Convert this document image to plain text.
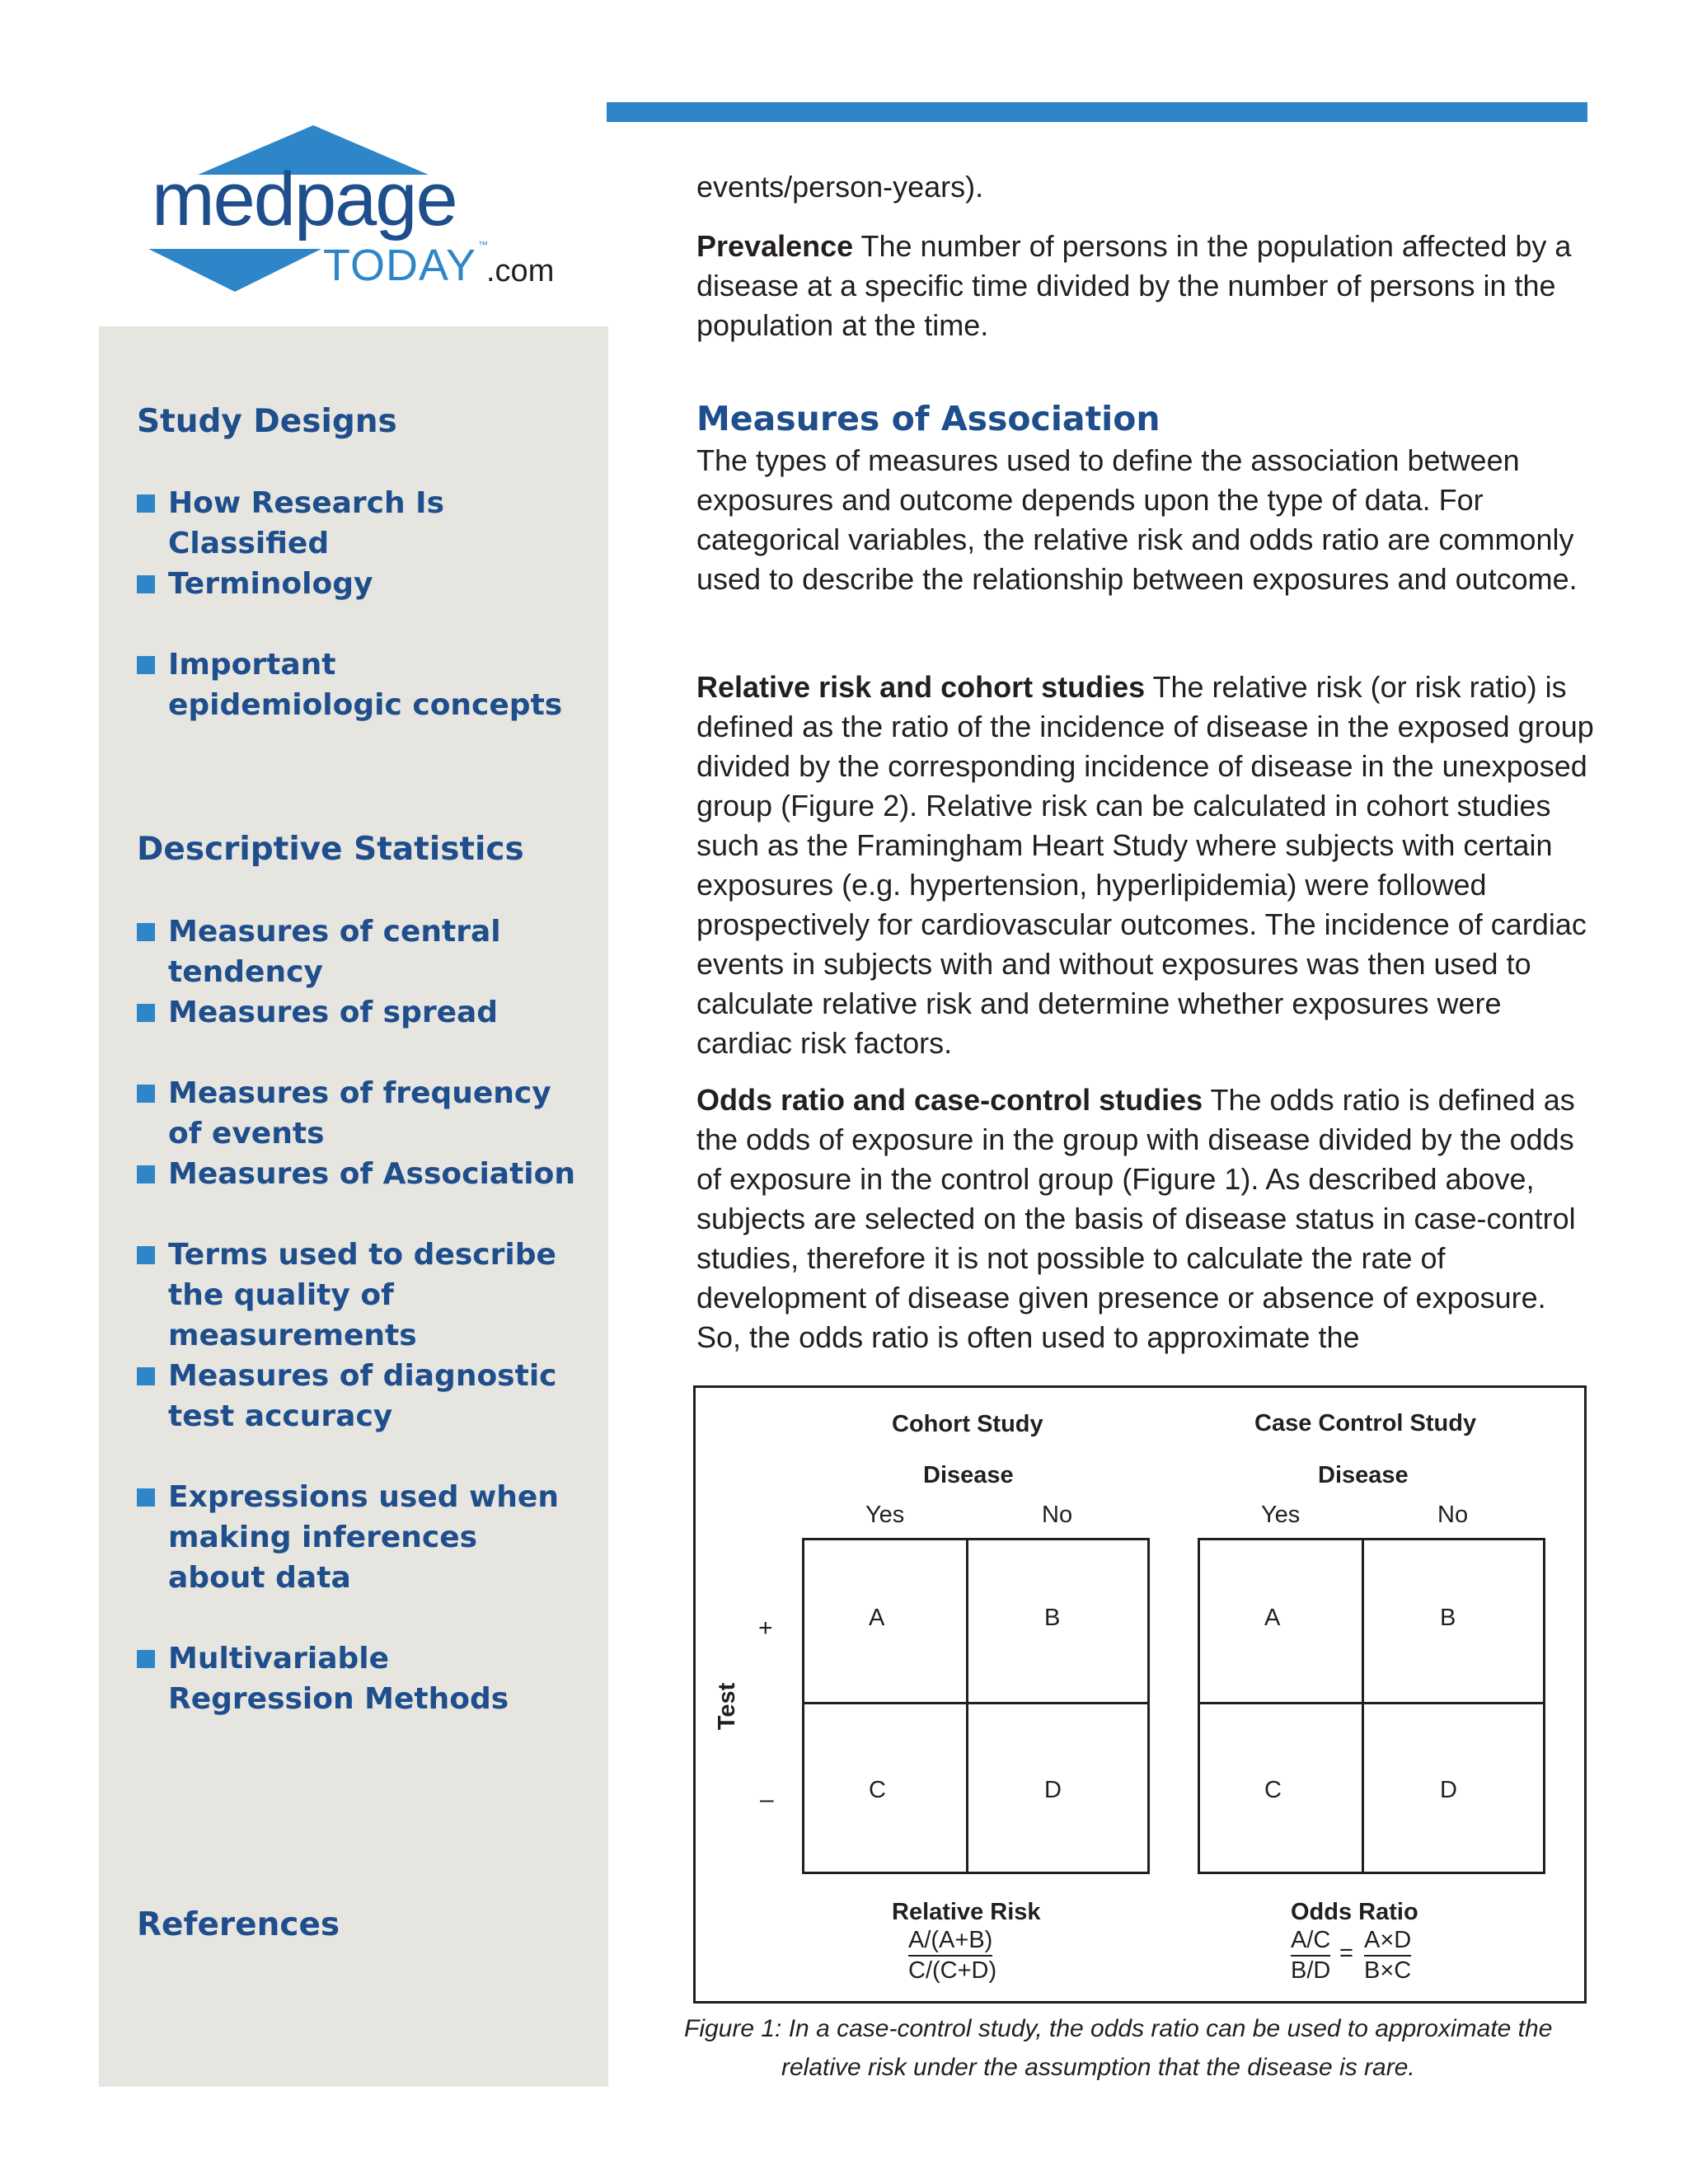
medpage
TODAY ™
.com
Study Designs
How Research Is Classified
Terminology
Important epidemiologic concepts
Descriptive Statistics
Measures of central tendency
Measures of spread
Measures of frequency of events
Measures of Association
Terms used to describe the quality of measurements
Measures of diagnostic test accuracy
Expressions used when making inferences about data
Multivariable Regression Methods
References

events/person-years).

Prevalence The number of persons in the population affected by a disease at a specific time divided by the number of persons in the population at the time.

Measures of Association

The types of measures used to define the association between exposures and outcome depends upon the type of data. For categorical variables, the relative risk and odds ratio are commonly used to describe the relationship between exposures and outcome.

Relative risk and cohort studies The relative risk (or risk ratio) is defined as the ratio of the incidence of disease in the exposed group divided by the corresponding incidence of disease in the unexposed group (Figure 2). Relative risk can be calculated in cohort studies such as the Framingham Heart Study where subjects with certain exposures (e.g. hypertension, hyperlipidemia) were followed prospectively for cardiovascular outcomes. The incidence of cardiac events in subjects with and without exposures was then used to calculate relative risk and determine whether exposures were cardiac risk factors.

Odds ratio and case-control studies The odds ratio is defined as the odds of exposure in the group with disease divided by the odds of exposure in the control group (Figure 1). As described above, subjects are selected on the basis of disease status in case-control studies, therefore it is not possible to calculate the rate of development of disease given presence or absence of exposure. So, the odds ratio is often used to approximate the

Test
+
–
Cohort Study
Disease
Yes	No
A	B
C	D
Relative Risk
A/(A+B)
C/(C+D)
Case Control Study
Disease
Yes	No
A	B
C	D
Odds Ratio
A/C
B/D
= A×D
B×C
Figure 1: In a case-control study, the odds ratio can be used to approximate the
relative risk under the assumption that the disease is rare.
